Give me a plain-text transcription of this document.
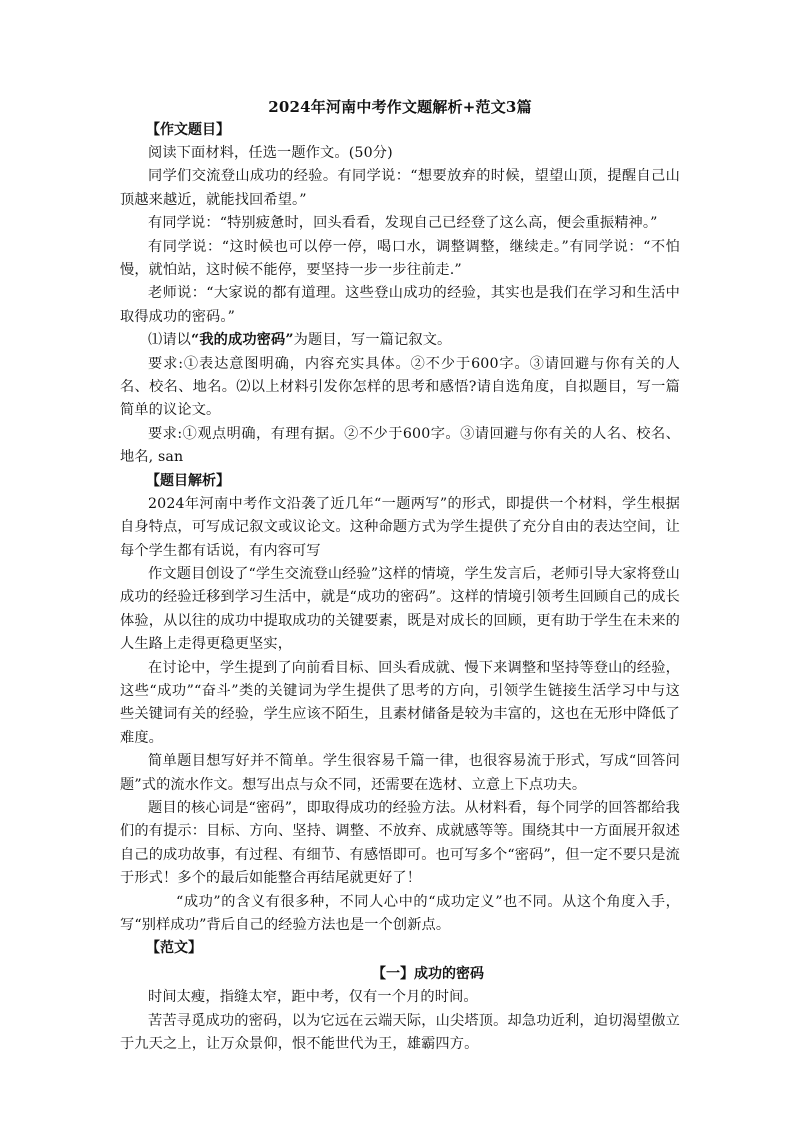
2024年河南中考作文题解析+范文3篇
【作文题目】

阅读下面材料，任选一题作文。(50分)

同学们交流登山成功的经验。有同学说：“想要放弃的时候，望望山顶，提醒自己山顶越来越近，就能找回希望。”

有同学说：“特别疲惫时，回头看看，发现自己已经登了这么高，便会重振精神。”

有同学说：“这时候也可以停一停，喝口水，调整调整，继续走。”有同学说：“不怕慢，就怕站，这时候不能停，要坚持一步一步往前走.”

老师说：“大家说的都有道理。这些登山成功的经验，其实也是我们在学习和生活中取得成功的密码。”

⑴请以“我的成功密码”为题目，写一篇记叙文。

要求:①表达意图明确，内容充实具体。②不少于600字。③请回避与你有关的人名、校名、地名。⑵以上材料引发你怎样的思考和感悟?请自选角度，自拟题目，写一篇简单的议论文。

要求:①观点明确，有理有据。②不少于600字。③请回避与你有关的人名、校名、地名, san

【题目解析】

2024年河南中考作文沿袭了近几年“一题两写”的形式，即提供一个材料，学生根据自身特点，可写成记叙文或议论文。这种命题方式为学生提供了充分自由的表达空间，让每个学生都有话说，有内容可写

作文题目创设了“学生交流登山经验”这样的情境，学生发言后，老师引导大家将登山成功的经验迁移到学习生活中，就是“成功的密码”。这样的情境引领考生回顾自己的成长体验，从以往的成功中提取成功的关键要素，既是对成长的回顾，更有助于学生在未来的人生路上走得更稳更坚实，

在讨论中，学生提到了向前看目标、回头看成就、慢下来调整和坚持等登山的经验，这些“成功”“奋斗”类的关键词为学生提供了思考的方向，引领学生链接生活学习中与这些关键词有关的经验，学生应该不陌生，且素材储备是较为丰富的，这也在无形中降低了难度。

简单题目想写好并不简单。学生很容易千篇一律，也很容易流于形式，写成“回答问题”式的流水作文。想写出点与众不同，还需要在选材、立意上下点功夫。

题目的核心词是“密码”，即取得成功的经验方法。从材料看，每个同学的回答都给我们的有提示：目标、方向、坚持、调整、不放弃、成就感等等。围绕其中一方面展开叙述自己的成功故事，有过程、有细节、有感悟即可。也可写多个“密码”，但一定不要只是流于形式！多个的最后如能整合再结尾就更好了！

“成功”的含义有很多种，不同人心中的“成功定义”也不同。从这个角度入手，写“别样成功”背后自己的经验方法也是一个创新点。

【范文】
【一】成功的密码

时间太瘦，指缝太窄，距中考，仅有一个月的时间。

苦苦寻觅成功的密码，以为它远在云端天际，山尖塔顶。却急功近利，迫切渴望傲立于九天之上，让万众景仰，恨不能世代为王，雄霸四方。
